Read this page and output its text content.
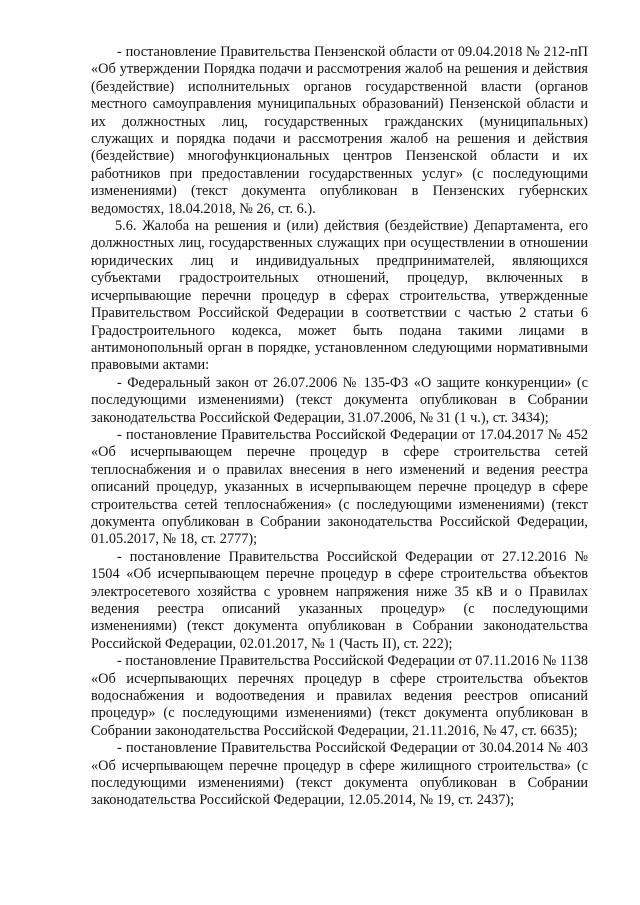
- постановление Правительства Пензенской области от 09.04.2018 № 212-пП «Об утверждении Порядка подачи и рассмотрения жалоб на решения и действия (бездействие) исполнительных органов государственной власти (органов местного самоуправления муниципальных образований) Пензенской области и их должностных лиц, государственных гражданских (муниципальных) служащих и порядка подачи и рассмотрения жалоб на решения и действия (бездействие) многофункциональных центров Пензенской области и их работников при предоставлении государственных услуг» (с последующими изменениями) (текст документа опубликован в Пензенских губернских ведомостях, 18.04.2018, № 26, ст. 6.).

5.6. Жалоба на решения и (или) действия (бездействие) Департамента, его должностных лиц, государственных служащих при осуществлении в отношении юридических лиц и индивидуальных предпринимателей, являющихся субъектами градостроительных отношений, процедур, включенных в исчерпывающие перечни процедур в сферах строительства, утвержденные Правительством Российской Федерации в соответствии с частью 2 статьи 6 Градостроительного кодекса, может быть подана такими лицами в антимонопольный орган в порядке, установленном следующими нормативными правовыми актами:

- Федеральный закон от 26.07.2006 № 135-ФЗ «О защите конкуренции» (с последующими изменениями) (текст документа опубликован в Собрании законодательства Российской Федерации, 31.07.2006, № 31 (1 ч.), ст. 3434);

- постановление Правительства Российской Федерации от 17.04.2017 № 452 «Об исчерпывающем перечне процедур в сфере строительства сетей теплоснабжения и о правилах внесения в него изменений и ведения реестра описаний процедур, указанных в исчерпывающем перечне процедур в сфере строительства сетей теплоснабжения» (с последующими изменениями) (текст документа опубликован в Собрании законодательства Российской Федерации, 01.05.2017, № 18, ст. 2777);

- постановление Правительства Российской Федерации от 27.12.2016 № 1504 «Об исчерпывающем перечне процедур в сфере строительства объектов электросетевого хозяйства с уровнем напряжения ниже 35 кВ и о Правилах ведения реестра описаний указанных процедур» (с последующими изменениями) (текст документа опубликован в Собрании законодательства Российской Федерации, 02.01.2017, № 1 (Часть II), ст. 222);

- постановление Правительства Российской Федерации от 07.11.2016 № 1138 «Об исчерпывающих перечнях процедур в сфере строительства объектов водоснабжения и водоотведения и правилах ведения реестров описаний процедур» (с последующими изменениями) (текст документа опубликован в Собрании законодательства Российской Федерации, 21.11.2016, № 47, ст. 6635);

- постановление Правительства Российской Федерации от 30.04.2014 № 403 «Об исчерпывающем перечне процедур в сфере жилищного строительства» (с последующими изменениями) (текст документа опубликован в Собрании законодательства Российской Федерации, 12.05.2014, № 19, ст. 2437);
